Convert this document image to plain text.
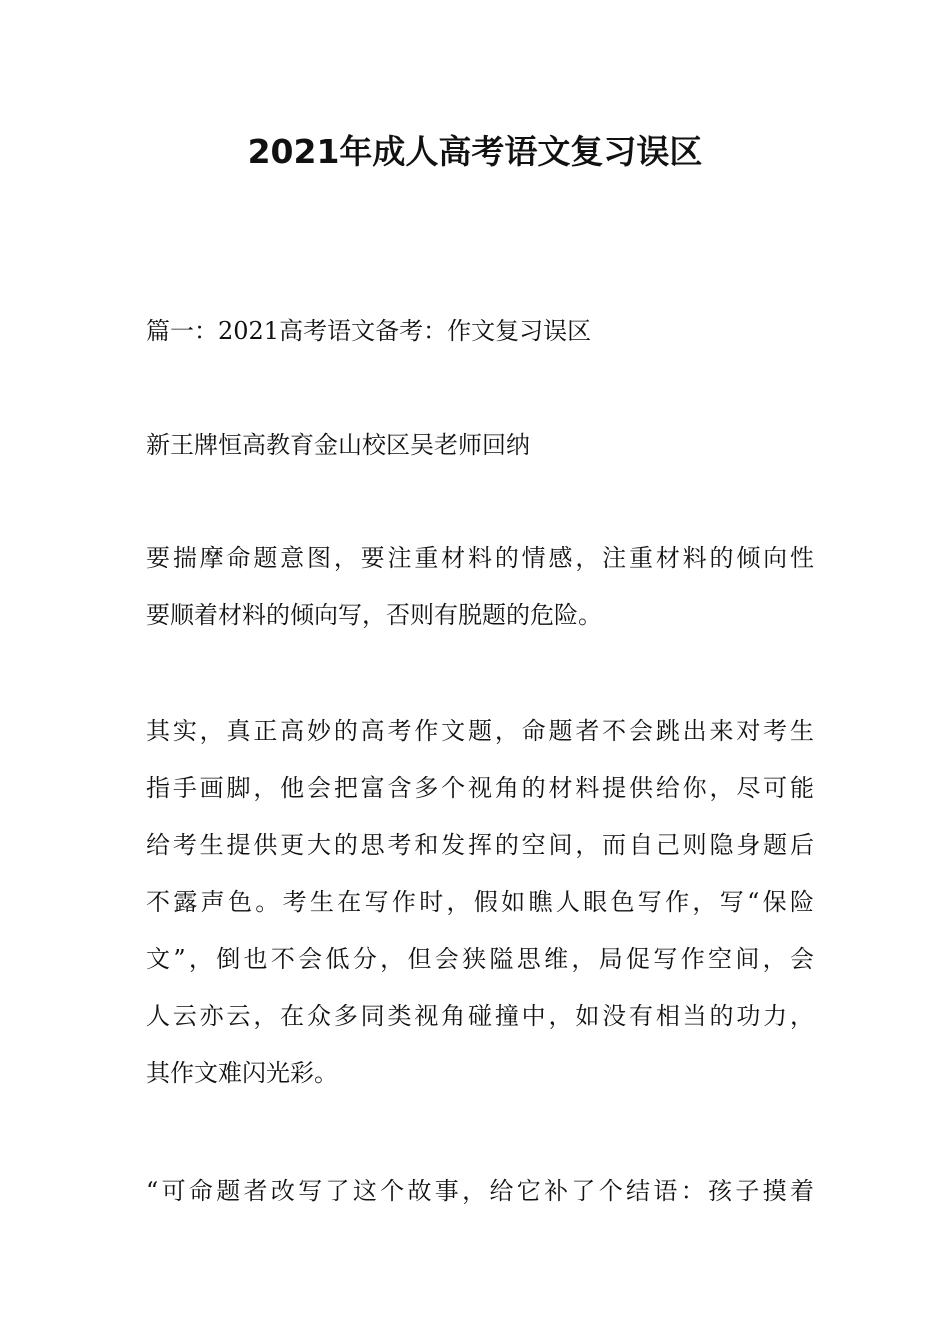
2021年成人高考语文复习误区

篇一：2021高考语文备考：作文复习误区

新王牌恒高教育金山校区吴老师回纳

要揣摩命题意图，要注重材料的情感，注重材料的倾向性
要顺着材料的倾向写，否则有脱题的危险。
其实，真正高妙的高考作文题，命题者不会跳出来对考生
指手画脚，他会把富含多个视角的材料提供给你，尽可能
给考生提供更大的思考和发挥的空间，而自己则隐身题后
不露声色。考生在写作时，假如瞧人眼色写作，写“保险
文”，倒也不会低分，但会狭隘思维，局促写作空间，会
人云亦云，在众多同类视角碰撞中，如没有相当的功力，
其作文难闪光彩。
“可命题者改写了这个故事，给它补了个结语：孩子摸着
